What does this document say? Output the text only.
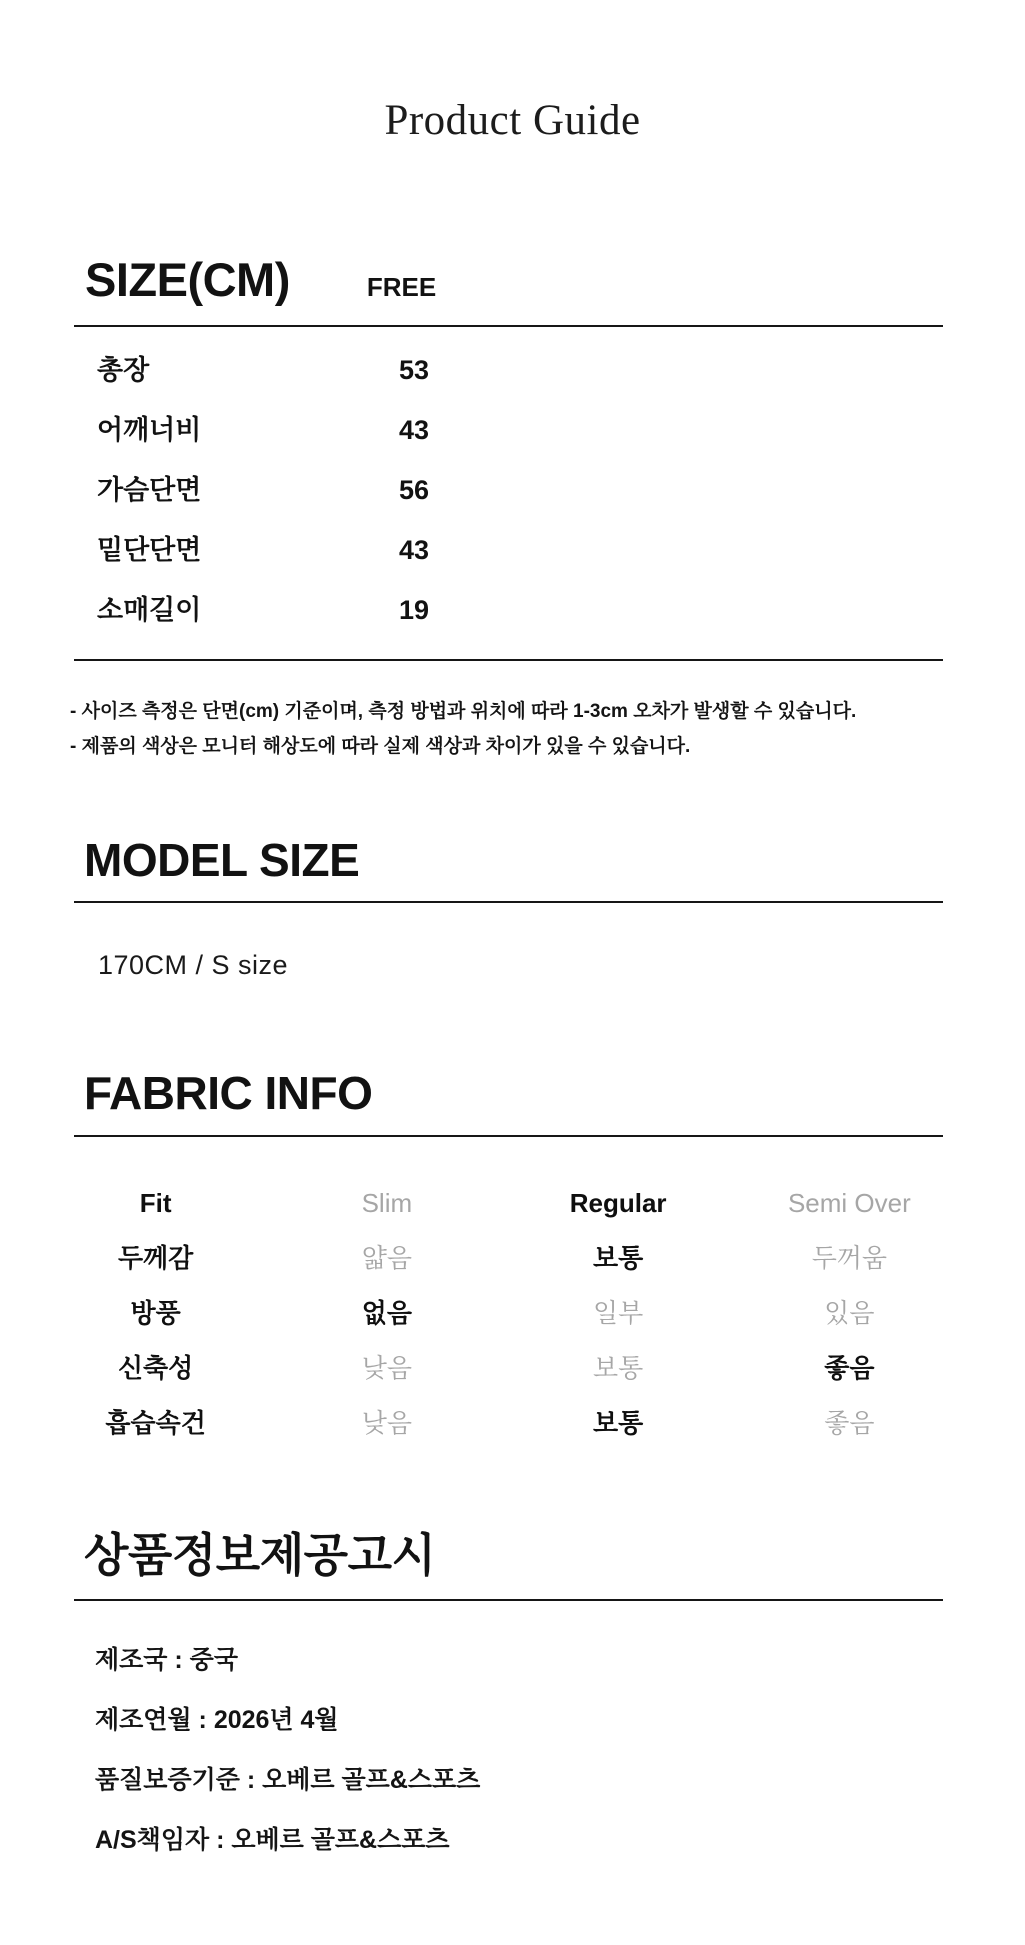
Product Guide
SIZE(CM)	FREE
총장	53
어깨너비	43
가슴단면	56
밑단단면	43
소매길이	19
- 사이즈 측정은 단면(cm) 기준이며, 측정 방법과 위치에 따라 1-3cm 오차가 발생할 수 있습니다.
- 제품의 색상은 모니터 해상도에 따라 실제 색상과 차이가 있을 수 있습니다.
MODEL SIZE
170CM / S size
FABRIC INFO
Fit	Slim	Regular	Semi Over
두께감	얇음	보통	두꺼움
방풍	없음	일부	있음
신축성	낮음	보통	좋음
흡습속건	낮음	보통	좋음
상품정보제공고시
제조국 : 중국
제조연월 : 2026년 4월
품질보증기준 : 오베르 골프&스포츠
A/S책임자 : 오베르 골프&스포츠
